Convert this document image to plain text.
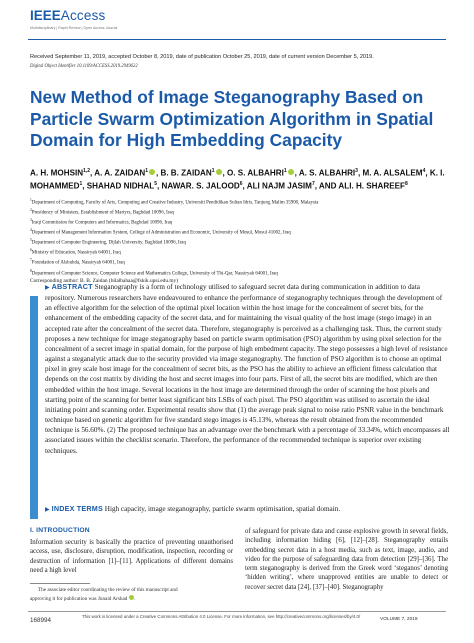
IEEEAccess
Multidisciplinary | Rapid Review | Open Access Journal
Received September 11, 2019, accepted October 8, 2019, date of publication October 25, 2019, date of current version December 5, 2019.
Digital Object Identifier 10.1109/ACCESS.2019.2949622
New Method of Image Steganography Based on Particle Swarm Optimization Algorithm in Spatial Domain for High Embedding Capacity
A. H. MOHSIN$^{1,2}$, A. A. ZAIDAN$^1$ , B. B. ZAIDAN$^1$ , O. S. ALBAHRI$^1$ , A. S. ALBAHRI$^3$, M. A. ALSALEM$^4$, K. I. MOHAMMED$^1$, SHAHAD NIDHAL$^5$, NAWAR. S. JALOOD$^6$, ALI NAJM JASIM$^7$, AND ALI. H. SHAREEF$^8$
$^1$Department of Computing, Faculty of Arts, Computing and Creative Industry, Universiti Pendidikan Sultan Idris, Tanjung Malim 35900, Malaysia
$^2$Presidency of Ministers, Establishment of Martyrs, Baghdad 10096, Iraq
$^3$Iraqi Commission for Computers and Informatics, Baghdad 10096, Iraq
$^4$Department of Management Information System, College of Administration and Economic, University of Mosul, Mosul 41002, Iraq
$^5$Department of Computer Engineering, Dijlah University, Baghdad 10096, Iraq
$^6$Ministry of Education, Nassiryah 64001, Iraq
$^7$Foundation of Alshuhda, Nassiryah 64001, Iraq
$^8$Department of Computer Science, Computer Science and Mathematics College, University of Thi-Qar, Nassiryah 64001, Iraq
Corresponding author: B. B. Zaidan (bilalbahaa@fskik.upsi.edu.my)
▶ ABSTRACT Steganography is a form of technology utilised to safeguard secret data during communication in addition to data repository. Numerous researchers have endeavoured to enhance the performance of steganography techniques through the development of an effective algorithm for the selection of the optimal pixel location within the host image for the concealment of secret bits, for the enhancement of the embedding capacity of the secret data, and for maintaining the visual quality of the host image (stego image) in an accepted rate after the concealment of the secret data. Therefore, steganography is perceived as a challenging task. Thus, the current study proposes a new technique for image steganography based on particle swarm optimisation (PSO) algorithm by using pixel selection for the concealment of a secret image in spatial domain, for the purpose of high embedment capacity. The stego possesses a high level of resistance against a steganalytic attack due to the security provided via image steganography. The function of PSO algorithm is to choose an optimal pixel in grey scale host image for the concealment of secret bits, as the PSO has the ability to achieve an efficient fitness calculation that depends on the cost matrix by dividing the host and secret images into four parts. First of all, the secret bits are modified, which are then embedded within the host image. Several locations in the host image are determined through the order of scanning the host pixels and starting point of the scanning for better least significant bits LSBs of each pixel. The PSO algorithm was utilised to ascertain the ideal initiating point and scanning order. Experimental results show that (1) the average peak signal to noise ratio PSNR value in the benchmark technique based on genetic algorithm for five standard stego images is 45.13%, whereas the result obtained from the recommended technique is 56.60%. (2) The proposed technique has an advantage over the benchmark with a percentage of 33.34%, which encompasses all associated issues within the checklist scenario. Therefore, the performance of the recommended technique is superior over existing techniques.
▶ INDEX TERMS High capacity, image steganography, particle swarm optimisation, spatial domain.
I. INTRODUCTION
Information security is basically the practice of preventing unauthorised access, use, disclosure, disruption, modification, inspection, recording or destruction of information [1]–[11]. Applications of different domains need a high level
of safeguard for private data and cause explosive growth in several fields, including information hiding [6], [12]–[28]. Steganography entails embedding secret data in a host media, such as text, image, audio, and video for the purpose of safeguarding data from detection [29]–[36]. The term steganography is derived from the Greek word ‘steganos’ denoting ‘hidden writing’, where unapproved entities are unable to detect or recover secret data [24], [37]–[40]. Steganography
The associate editor coordinating the review of this manuscript and
approving it for publication was Junaid Arshad .
168994
This work is licensed under a Creative Commons Attribution 4.0 License. For more information, see http://creativecommons.org/licenses/by/4.0/
VOLUME 7, 2019
